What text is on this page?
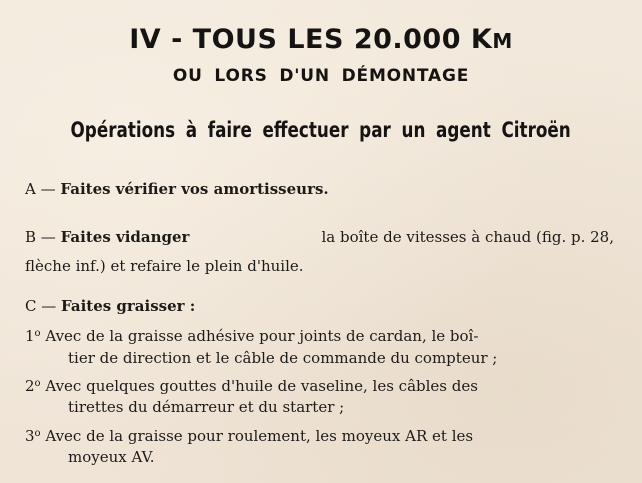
IV - TOUS LES 20.000 KM
OU LORS D'UN DÉMONTAGE
Opérations à faire effectuer par un agent Citroën
A — Faites vérifier vos amortisseurs.
B — Faites vidanger	la boîte de vitesses à chaud (fig. p. 28,
flèche inf.) et refaire le plein d'huile.
C — Faites graisser :
1$^o$ Avec de la graisse adhésive pour joints de cardan, le boî-
tier de direction et le câble de commande du compteur ;
2$^o$ Avec quelques gouttes d'huile de vaseline, les câbles des
tirettes du démarreur et du starter ;
3$^o$ Avec de la graisse pour roulement, les moyeux AR et les
moyeux AV.
